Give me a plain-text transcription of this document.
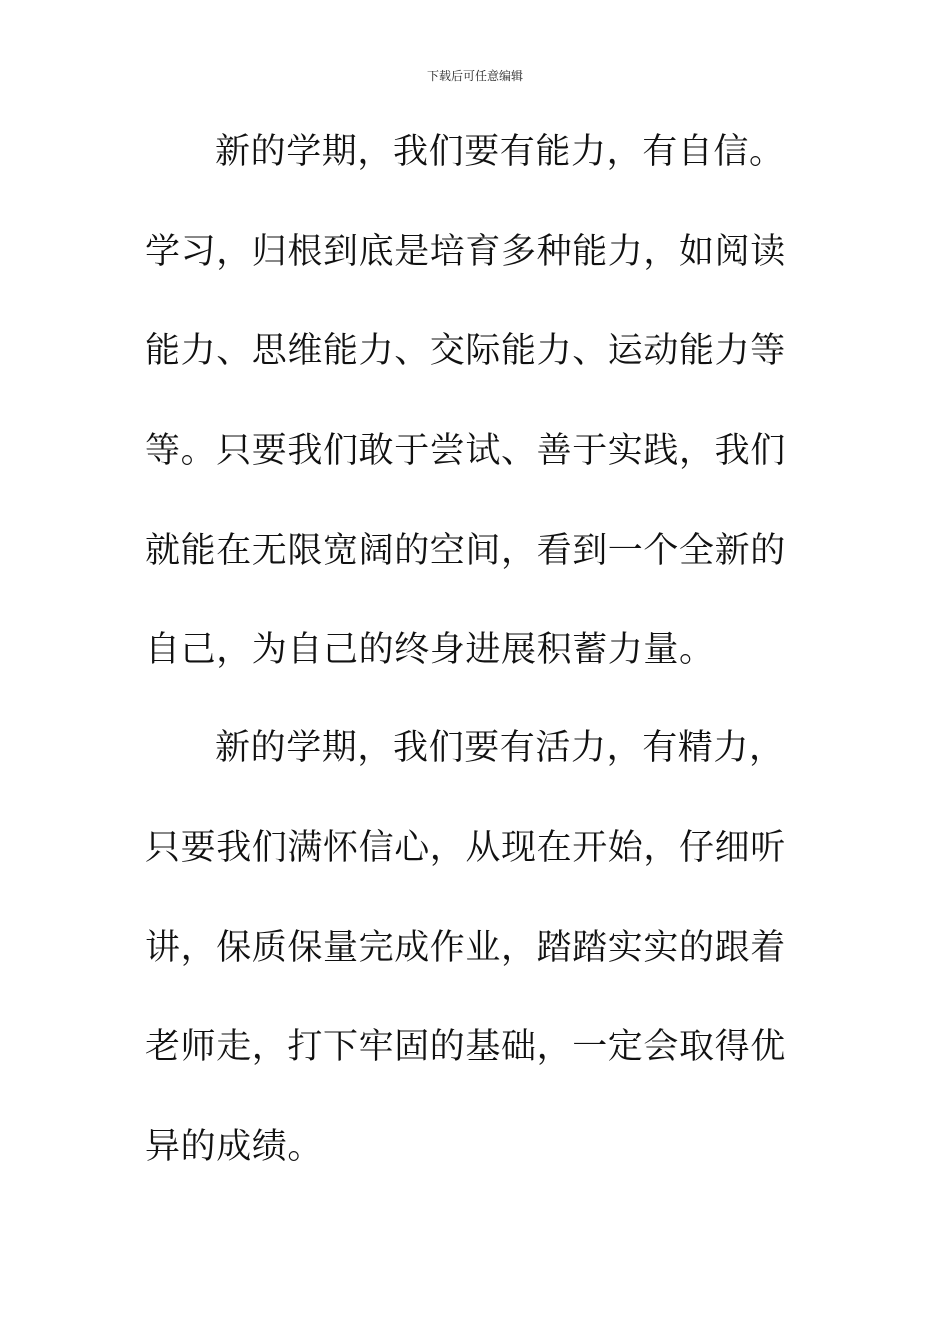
下载后可任意编辑
新的学期，我们要有能力，有自信。
学习，归根到底是培育多种能力，如阅读
能力、思维能力、交际能力、运动能力等
等。只要我们敢于尝试、善于实践，我们
就能在无限宽阔的空间，看到一个全新的
自己，为自己的终身进展积蓄力量。
新的学期，我们要有活力，有精力，
只要我们满怀信心，从现在开始，仔细听
讲，保质保量完成作业，踏踏实实的跟着
老师走，打下牢固的基础，一定会取得优
异的成绩。
